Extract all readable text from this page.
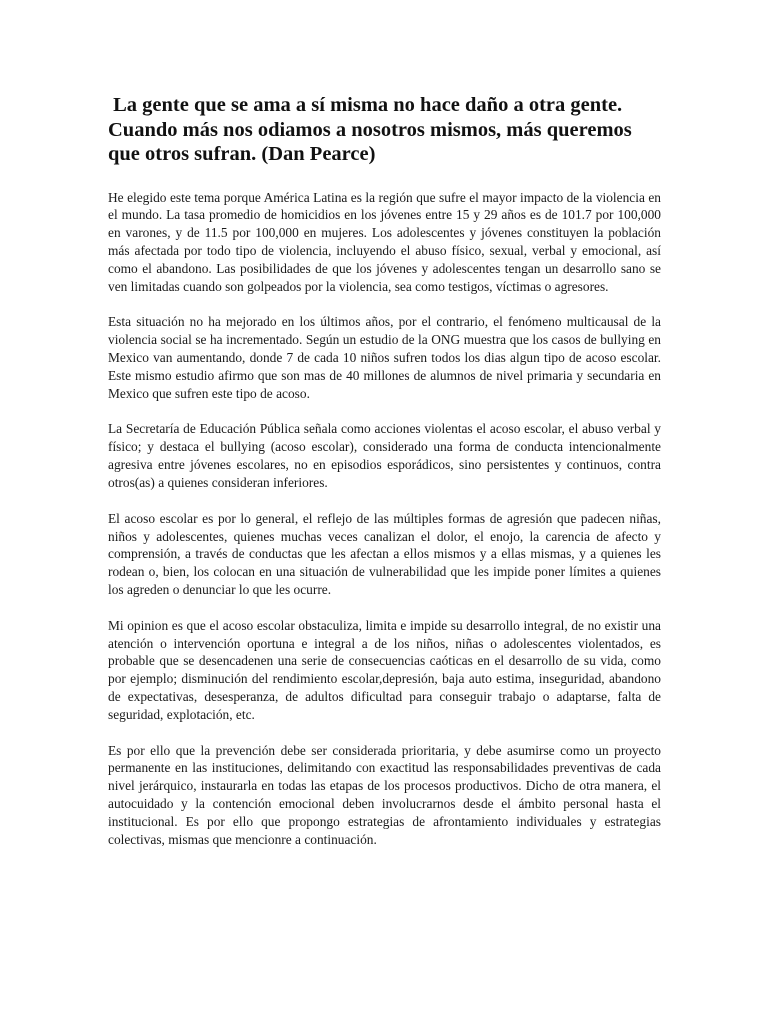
La gente que se ama a sí misma no hace daño a otra gente. Cuando más nos odiamos a nosotros mismos, más queremos que otros sufran. (Dan Pearce)

He elegido este tema porque América Latina es la región que sufre el mayor impacto de la violencia en el mundo. La tasa promedio de homicidios en los jóvenes entre 15 y 29 años es de 101.7 por 100,000 en varones, y de 11.5 por 100,000 en mujeres. Los adolescentes y jóvenes constituyen la población más afectada por todo tipo de violencia, incluyendo el abuso físico, sexual, verbal y emocional, así como el abandono. Las posibilidades de que los jóvenes y adolescentes tengan un desarrollo sano se ven limitadas cuando son golpeados por la violencia, sea como testigos, víctimas o agresores.

Esta situación no ha mejorado en los últimos años, por el contrario, el fenómeno multicausal de la violencia social se ha incrementado. Según un estudio de la ONG muestra que los casos de bullying en Mexico van aumentando, donde 7 de cada 10 niños sufren todos los dias algun tipo de acoso escolar. Este mismo estudio afirmo que son mas de 40 millones de alumnos de nivel primaria y secundaria en Mexico que sufren este tipo de acoso.

La Secretaría de Educación Pública señala como acciones violentas el acoso escolar, el abuso verbal y físico; y destaca el bullying (acoso escolar), considerado una forma de conducta intencionalmente agresiva entre jóvenes escolares, no en episodios esporádicos, sino persistentes y continuos, contra otros(as) a quienes consideran inferiores.

El acoso escolar es por lo general, el reflejo de las múltiples formas de agresión que padecen niñas, niños y adolescentes, quienes muchas veces canalizan el dolor, el enojo, la carencia de afecto y comprensión, a través de conductas que les afectan a ellos mismos y a ellas mismas, y a quienes les rodean o, bien, los colocan en una situación de vulnerabilidad que les impide poner límites a quienes los agreden o denunciar lo que les ocurre.

Mi opinion es que el acoso escolar obstaculiza, limita e impide su desarrollo integral, de no existir una atención o intervención oportuna e integral a de los niños, niñas o adolescentes violentados, es probable que se desencadenen una serie de consecuencias caóticas en el desarrollo de su vida, como por ejemplo; disminución del rendimiento escolar,depresión, baja auto estima, inseguridad, abandono de expectativas, desesperanza, de adultos dificultad para conseguir trabajo o adaptarse, falta de seguridad, explotación, etc.

Es por ello que la prevención debe ser considerada prioritaria, y debe asumirse como un proyecto permanente en las instituciones, delimitando con exactitud las responsabilidades preventivas de cada nivel jerárquico, instaurarla en todas las etapas de los procesos productivos. Dicho de otra manera, el autocuidado y la contención emocional deben involucrarnos desde el ámbito personal hasta el institucional. Es por ello que propongo estrategias de afrontamiento individuales y estrategias colectivas, mismas que mencionre a continuación.
